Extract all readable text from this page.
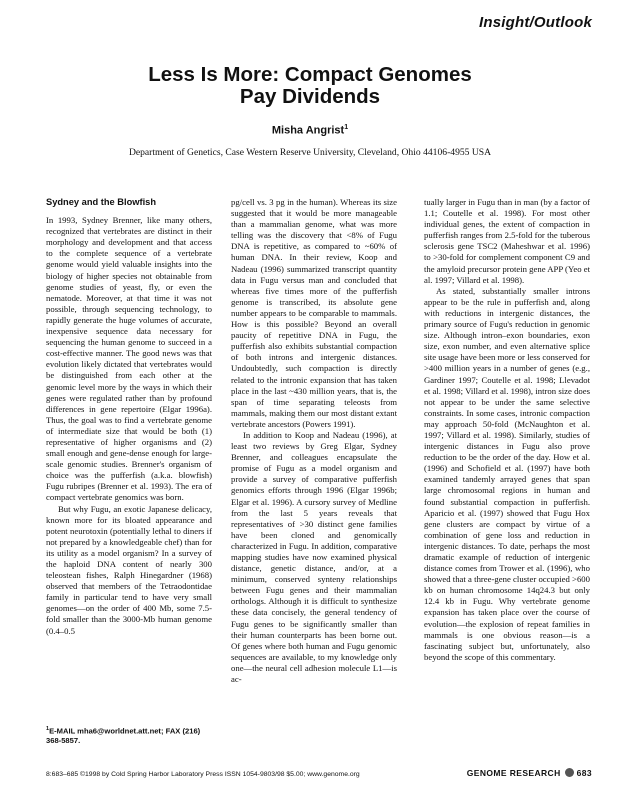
Insight/Outlook
Less Is More: Compact Genomes
Pay Dividends
Misha Angrist$^1$
Department of Genetics, Case Western Reserve University, Cleveland, Ohio 44106-4955 USA
Sydney and the Blowfish

In 1993, Sydney Brenner, like many others, recognized that vertebrates are distinct in their morphology and development and that access to the complete sequence of a vertebrate genome would yield valuable insights into the biology of higher species not obtainable from genome studies of yeast, fly, or even the nematode. Moreover, at that time it was not possible, through sequencing technology, to rapidly generate the huge volumes of accurate, inexpensive sequence data necessary for sequencing the human genome to succeed in a cost-effective manner. The good news was that evolution likely dictated that vertebrates would be distinguished from each other at the genomic level more by the ways in which their genes were regulated rather than by profound differences in gene repertoire (Elgar 1996a). Thus, the goal was to find a vertebrate genome of intermediate size that would be both (1) representative of higher organisms and (2) small enough and gene-dense enough for large-scale genomic studies. Brenner's organism of choice was the pufferfish (a.k.a. blowfish) Fugu rubripes (Brenner et al. 1993). The era of compact vertebrate genomics was born.

But why Fugu, an exotic Japanese delicacy, known more for its bloated appearance and potent neurotoxin (potentially lethal to diners if not prepared by a knowledgeable chef) than for its utility as a model organism? In a survey of the haploid DNA content of nearly 300 teleostean fishes, Ralph Hinegardner (1968) observed that members of the Tetraodontidae family in particular tend to have very small genomes—on the order of 400 Mb, some 7.5-fold smaller than the 3000-Mb human genome (0.4–0.5

pg/cell vs. 3 pg in the human). Whereas its size suggested that it would be more manageable than a mammalian genome, what was more telling was the discovery that <8% of Fugu DNA is repetitive, as compared to ~60% of human DNA. In their review, Koop and Nadeau (1996) summarized transcript quantity data in Fugu versus man and concluded that whereas five times more of the pufferfish genome is transcribed, its absolute gene number appears to be comparable to mammals. How is this possible? Beyond an overall paucity of repetitive DNA in Fugu, the pufferfish also exhibits substantial compaction of both introns and intergenic distances. Undoubtedly, such compaction is directly related to the intronic expansion that has taken place in the last ~430 million years, that is, the span of time separating teleosts from mammals, making them our most distant extant vertebrate ancestors (Powers 1991).

In addition to Koop and Nadeau (1996), at least two reviews by Greg Elgar, Sydney Brenner, and colleagues encapsulate the promise of Fugu as a model organism and provide a survey of comparative pufferfish genomics efforts through 1996 (Elgar 1996b; Elgar et al. 1996). A cursory survey of Medline from the last 5 years reveals that representatives of >30 distinct gene families have been cloned and genomically characterized in Fugu. In addition, comparative mapping studies have now examined physical distance, genetic distance, and/or, at a minimum, conserved synteny relationships between Fugu genes and their mammalian orthologs. Although it is difficult to synthesize these data concisely, the general tendency of Fugu genes to be significantly smaller than their human counterparts has been borne out. Of genes where both human and Fugu genomic sequences are available, to my knowledge only one—the neural cell adhesion molecule L1—is ac-

tually larger in Fugu than in man (by a factor of 1.1; Coutelle et al. 1998). For most other individual genes, the extent of compaction in pufferfish ranges from 2.5-fold for the tuberous sclerosis gene TSC2 (Maheshwar et al. 1996) to >30-fold for complement component C9 and the amyloid precursor protein gene APP (Yeo et al. 1997; Villard et al. 1998).

As stated, substantially smaller introns appear to be the rule in pufferfish and, along with reductions in intergenic distances, the primary source of Fugu's reduction in genomic size. Although intron–exon boundaries, exon size, exon number, and even alternative splice site usage have been more or less conserved for >400 million years in a number of genes (e.g., Gardiner 1997; Coutelle et al. 1998; Llevadot et al. 1998; Villard et al. 1998), intron size does not appear to be under the same selective constraints. In some cases, intronic compaction may approach 50-fold (McNaughton et al. 1997; Villard et al. 1998). Similarly, studies of intergenic distances in Fugu also prove reduction to be the order of the day. How et al. (1996) and Schofield et al. (1997) have both examined tandemly arrayed genes that span large chromosomal regions in human and found substantial compaction in pufferfish. Aparicio et al. (1997) showed that Fugu Hox gene clusters are compact by virtue of a combination of gene loss and reduction in intergenic distances. To date, perhaps the most dramatic example of reduction of intergenic distance comes from Trower et al. (1996), who showed that a three-gene cluster occupied >600 kb on human chromosome 14q24.3 but only 12.4 kb in Fugu. Why vertebrate genome expansion has taken place over the course of evolution—the explosion of repeat families in mammals is one obvious reason—is a fascinating subject but, unfortunately, also beyond the scope of this commentary.

$^1$E-MAIL mha6@worldnet.att.net; FAX (216) 368-5857.
8:683–685 ©1998 by Cold Spring Harbor Laboratory Press ISSN 1054-9803/98 $5.00; www.genome.org	GENOME RESEARCH 683
